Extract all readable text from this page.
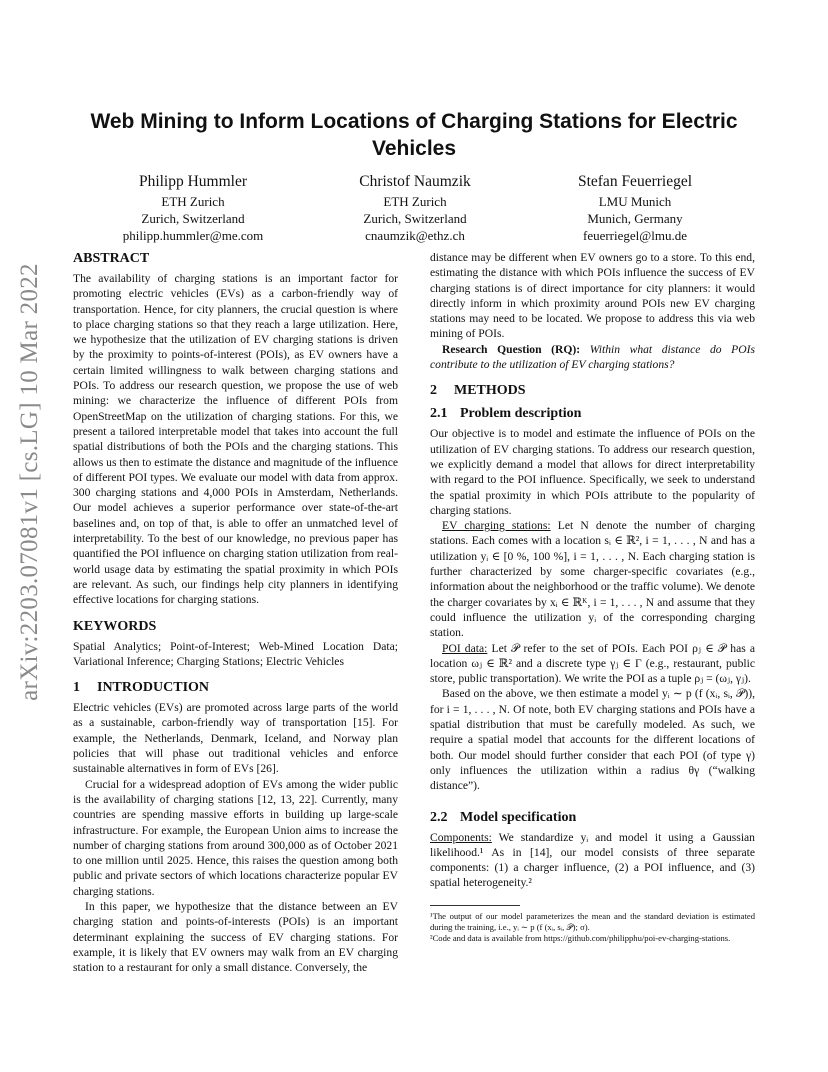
arXiv:2203.07081v1 [cs.LG] 10 Mar 2022
Web Mining to Inform Locations of Charging Stations for Electric Vehicles
Philipp Hummler
ETH Zurich
Zurich, Switzerland
philipp.hummler@me.com
Christof Naumzik
ETH Zurich
Zurich, Switzerland
cnaumzik@ethz.ch
Stefan Feuerriegel
LMU Munich
Munich, Germany
feuerriegel@lmu.de
ABSTRACT

The availability of charging stations is an important factor for promoting electric vehicles (EVs) as a carbon-friendly way of transportation. Hence, for city planners, the crucial question is where to place charging stations so that they reach a large utilization. Here, we hypothesize that the utilization of EV charging stations is driven by the proximity to points-of-interest (POIs), as EV owners have a certain limited willingness to walk between charging stations and POIs. To address our research question, we propose the use of web mining: we characterize the influence of different POIs from OpenStreetMap on the utilization of charging stations. For this, we present a tailored interpretable model that takes into account the full spatial distributions of both the POIs and the charging stations. This allows us then to estimate the distance and magnitude of the influence of different POI types. We evaluate our model with data from approx. 300 charging stations and 4,000 POIs in Amsterdam, Netherlands. Our model achieves a superior performance over state-of-the-art baselines and, on top of that, is able to offer an unmatched level of interpretability. To the best of our knowledge, no previous paper has quantified the POI influence on charging station utilization from real-world usage data by estimating the spatial proximity in which POIs are relevant. As such, our findings help city planners in identifying effective locations for charging stations.

KEYWORDS

Spatial Analytics; Point-of-Interest; Web-Mined Location Data; Variational Inference; Charging Stations; Electric Vehicles

1 INTRODUCTION

Electric vehicles (EVs) are promoted across large parts of the world as a sustainable, carbon-friendly way of transportation [15]. For example, the Netherlands, Denmark, Iceland, and Norway plan policies that will phase out traditional vehicles and enforce sustainable alternatives in form of EVs [26].

Crucial for a widespread adoption of EVs among the wider public is the availability of charging stations [12, 13, 22]. Currently, many countries are spending massive efforts in building up large-scale infrastructure. For example, the European Union aims to increase the number of charging stations from around 300,000 as of October 2021 to one million until 2025. Hence, this raises the question among both public and private sectors of which locations characterize popular EV charging stations.

In this paper, we hypothesize that the distance between an EV charging station and points-of-interests (POIs) is an important determinant explaining the success of EV charging stations. For example, it is likely that EV owners may walk from an EV charging station to a restaurant for only a small distance. Conversely, the

distance may be different when EV owners go to a store. To this end, estimating the distance with which POIs influence the success of EV charging stations is of direct importance for city planners: it would directly inform in which proximity around POIs new EV charging stations may need to be located. We propose to address this via web mining of POIs.

Research Question (RQ): Within what distance do POIs contribute to the utilization of EV charging stations?

2 METHODS
2.1 Problem description

Our objective is to model and estimate the influence of POIs on the utilization of EV charging stations. To address our research question, we explicitly demand a model that allows for direct interpretability with regard to the POI influence. Specifically, we seek to understand the spatial proximity in which POIs attribute to the popularity of charging stations.

EV charging stations: Let N denote the number of charging stations. Each comes with a location sᵢ ∈ ℝ², i = 1, . . . , N and has a utilization yᵢ ∈ [0 %, 100 %], i = 1, . . . , N. Each charging station is further characterized by some charger-specific covariates (e.g., information about the neighborhood or the traffic volume). We denote the charger covariates by xᵢ ∈ ℝᴷ, i = 1, . . . , N and assume that they could influence the utilization yᵢ of the corresponding charging station.

POI data: Let 𝒫 refer to the set of POIs. Each POI ρⱼ ∈ 𝒫 has a location ωⱼ ∈ ℝ² and a discrete type γⱼ ∈ Γ (e.g., restaurant, public store, public transportation). We write the POI as a tuple ρⱼ = (ωⱼ, γⱼ).

Based on the above, we then estimate a model yᵢ ∼ p (f (xᵢ, sᵢ, 𝒫)), for i = 1, . . . , N. Of note, both EV charging stations and POIs have a spatial distribution that must be carefully modeled. As such, we require a spatial model that accounts for the different locations of both. Our model should further consider that each POI (of type γ) only influences the utilization within a radius θγ (“walking distance”).

2.2 Model specification

Components: We standardize yᵢ and model it using a Gaussian likelihood.¹ As in [14], our model consists of three separate components: (1) a charger influence, (2) a POI influence, and (3) spatial heterogeneity.²

¹The output of our model parameterizes the mean and the standard deviation is estimated during the training, i.e., yᵢ ∼ p (f (xᵢ, sᵢ, 𝒫); σ).

²Code and data is available from https://github.com/philipphu/poi-ev-charging-stations.
